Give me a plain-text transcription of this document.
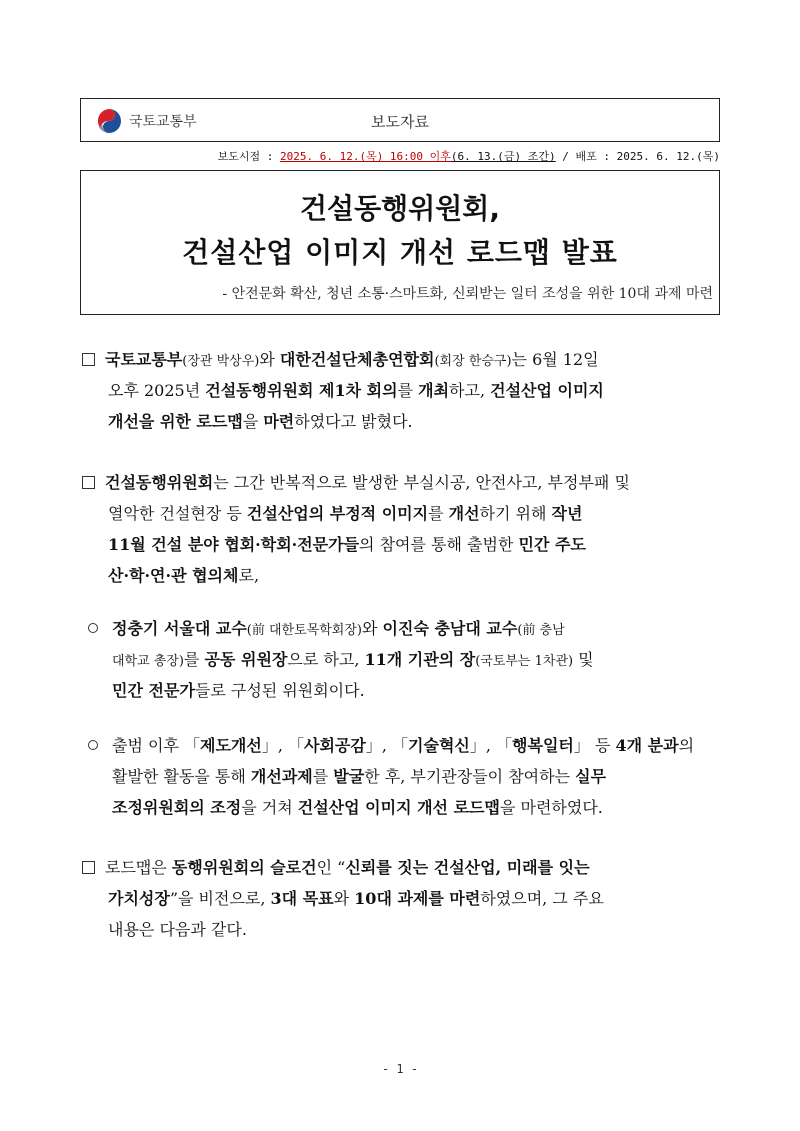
국토교통부	보도자료
보도시점 : 2025. 6. 12.(목) 16:00 이후(6. 13.(금) 조간) / 배포 : 2025. 6. 12.(목)
건설동행위원회,
건설산업 이미지 개선 로드맵 발표
- 안전문화 확산, 청년 소통·스마트화, 신뢰받는 일터 조성을 위한 10대 과제 마련
국토교통부(장관 박상우)와 대한건설단체총연합회(회장 한승구)는 6월 12일
오후 2025년 건설동행위원회 제1차 회의를 개최하고, 건설산업 이미지
개선을 위한 로드맵을 마련하였다고 밝혔다.
건설동행위원회는 그간 반복적으로 발생한 부실시공, 안전사고, 부정부패 및
열악한 건설현장 등 건설산업의 부정적 이미지를 개선하기 위해 작년
11월 건설 분야 협회·학회·전문가들의 참여를 통해 출범한 민간 주도
산·학·연·관 협의체로,
정충기 서울대 교수(前 대한토목학회장)와 이진숙 충남대 교수(前 충남
대학교 총장)를 공동 위원장으로 하고, 11개 기관의 장(국토부는 1차관) 및
민간 전문가들로 구성된 위원회이다.
출범 이후 「제도개선」, 「사회공감」, 「기술혁신」, 「행복일터」 등 4개 분과의
활발한 활동을 통해 개선과제를 발굴한 후, 부기관장들이 참여하는 실무
조정위원회의 조정을 거쳐 건설산업 이미지 개선 로드맵을 마련하였다.
로드맵은 동행위원회의 슬로건인 “신뢰를 짓는 건설산업, 미래를 잇는
가치성장”을 비전으로, 3대 목표와 10대 과제를 마련하였으며, 그 주요
내용은 다음과 같다.
- 1 -
